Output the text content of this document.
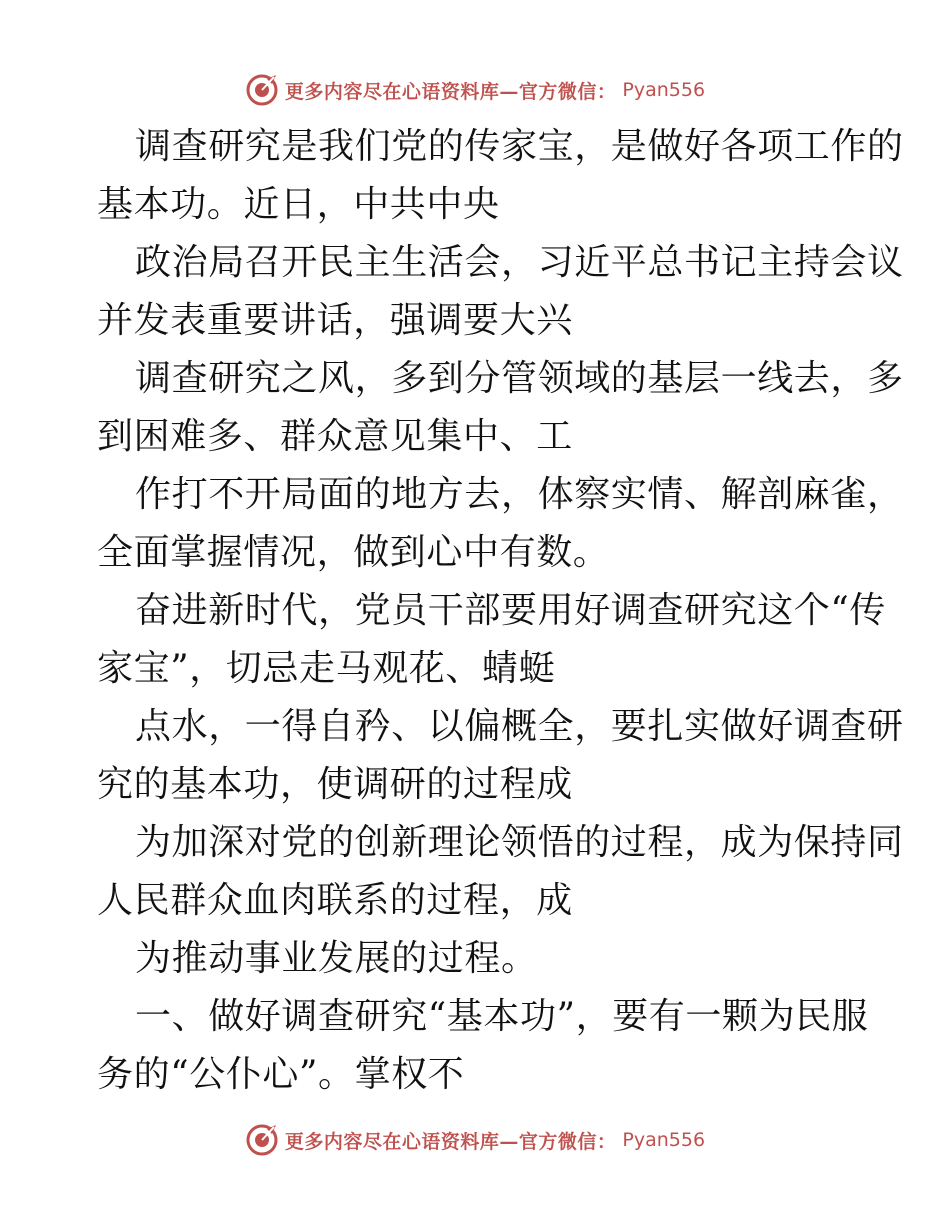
更多内容尽在心语资料库—官方微信： Pyan556

调查研究是我们党的传家宝，是做好各项工作的
基本功。近日，中共中央

政治局召开民主生活会，习近平总书记主持会议
并发表重要讲话，强调要大兴

调查研究之风，多到分管领域的基层一线去，多
到困难多、群众意见集中、工

作打不开局面的地方去，体察实情、解剖麻雀，
全面掌握情况，做到心中有数。

奋进新时代，党员干部要用好调查研究这个“传
家宝”，切忌走马观花、蜻蜓

点水，一得自矜、以偏概全，要扎实做好调查研
究的基本功，使调研的过程成

为加深对党的创新理论领悟的过程，成为保持同
人民群众血肉联系的过程，成

为推动事业发展的过程。

一、做好调查研究“基本功”，要有一颗为民服
务的“公仆心”。掌权不

更多内容尽在心语资料库—官方微信： Pyan556
